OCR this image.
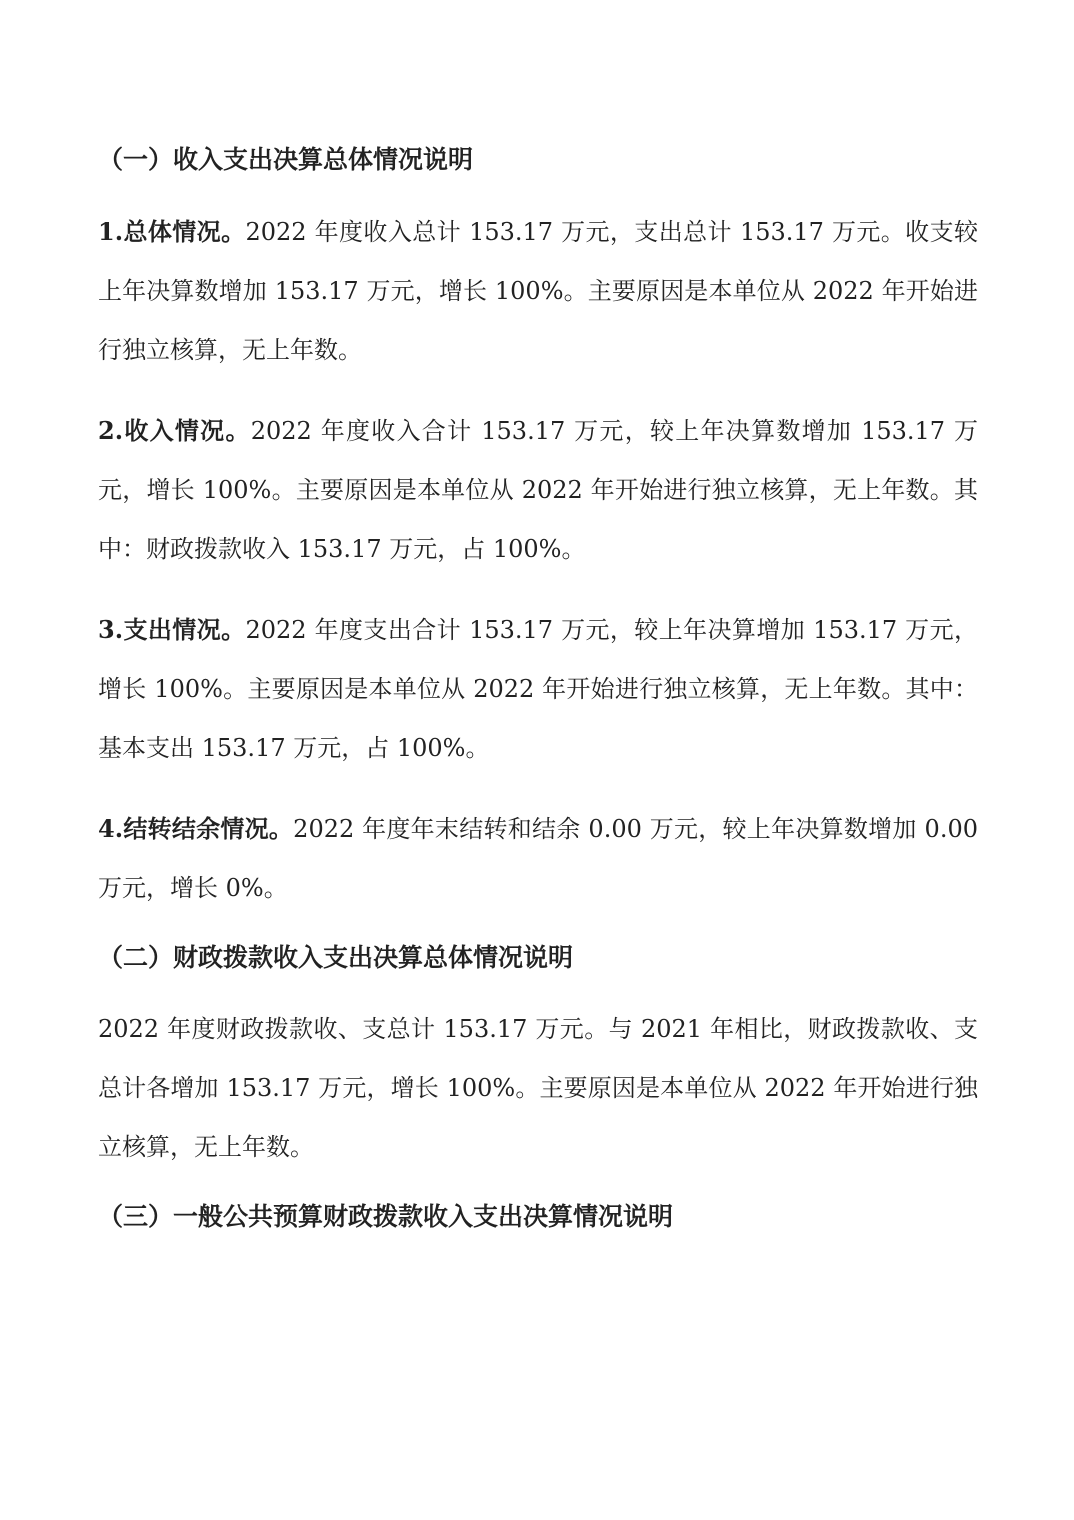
（一）收入支出决算总体情况说明

1.总体情况。2022 年度收入总计 153.17 万元，支出总计 153.17 万元。收支较上年决算数增加 153.17 万元，增长 100%。主要原因是本单位从 2022 年开始进行独立核算，无上年数。

2.收入情况。2022 年度收入合计 153.17 万元，较上年决算数增加 153.17 万元，增长 100%。主要原因是本单位从 2022 年开始进行独立核算，无上年数。其中：财政拨款收入 153.17 万元，占 100%。

3.支出情况。2022 年度支出合计 153.17 万元，较上年决算增加 153.17 万元，增长 100%。主要原因是本单位从 2022 年开始进行独立核算，无上年数。其中：基本支出 153.17 万元，占 100%。

4.结转结余情况。2022 年度年末结转和结余 0.00 万元，较上年决算数增加 0.00 万元，增长 0%。

（二）财政拨款收入支出决算总体情况说明

2022 年度财政拨款收、支总计 153.17 万元。与 2021 年相比，财政拨款收、支总计各增加 153.17 万元，增长 100%。主要原因是本单位从 2022 年开始进行独立核算，无上年数。

（三）一般公共预算财政拨款收入支出决算情况说明
